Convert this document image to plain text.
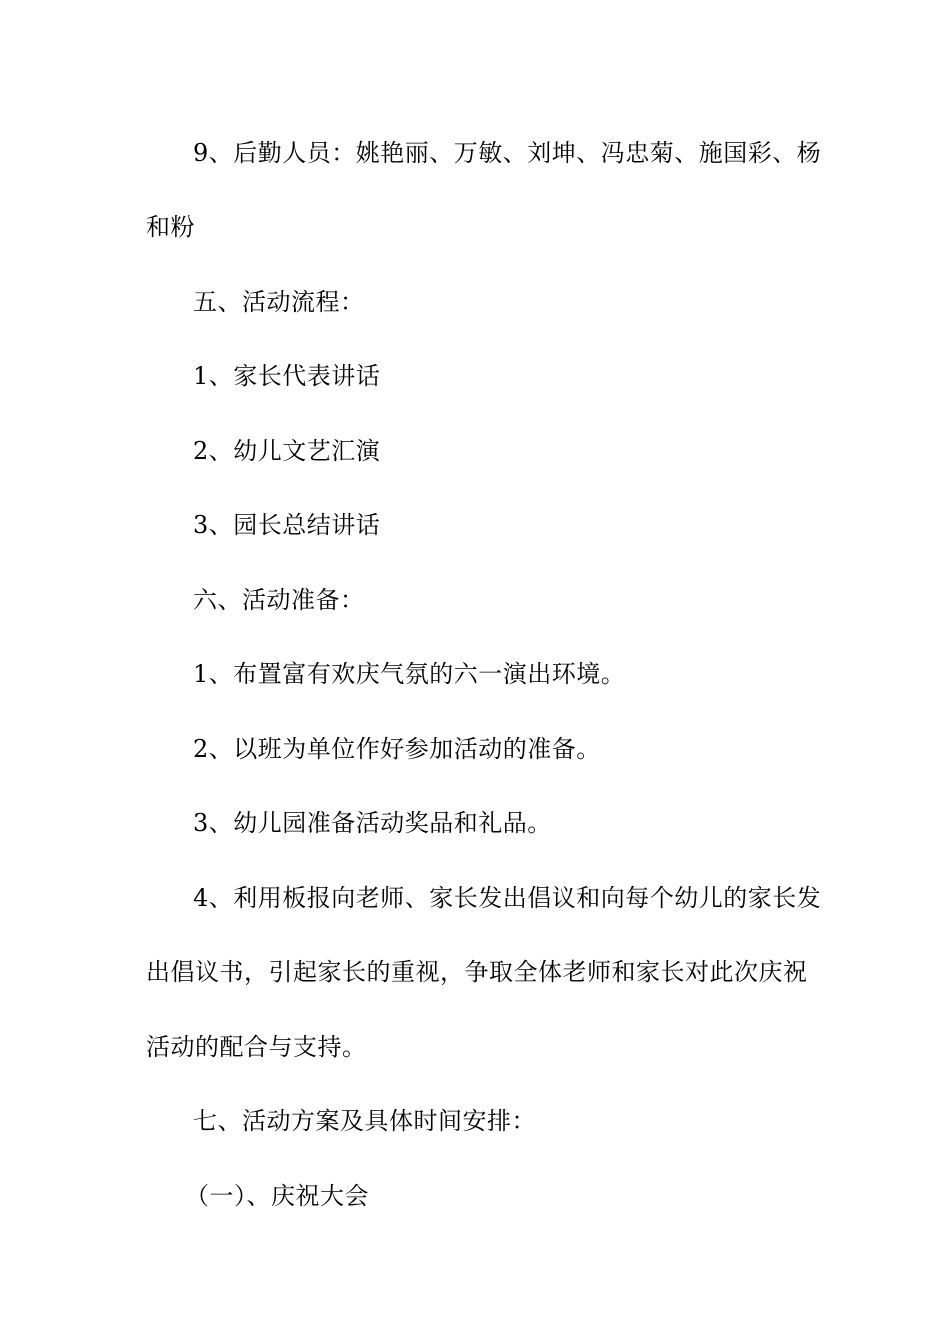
9、后勤人员：姚艳丽、万敏、刘坤、冯忠菊、施国彩、杨
和粉
五、活动流程：
1、家长代表讲话
2、幼儿文艺汇演
3、园长总结讲话
六、活动准备：
1、布置富有欢庆气氛的六一演出环境。
2、以班为单位作好参加活动的准备。
3、幼儿园准备活动奖品和礼品。
4、利用板报向老师、家长发出倡议和向每个幼儿的家长发
出倡议书，引起家长的重视，争取全体老师和家长对此次庆祝
活动的配合与支持。
七、活动方案及具体时间安排：
（一）、庆祝大会
